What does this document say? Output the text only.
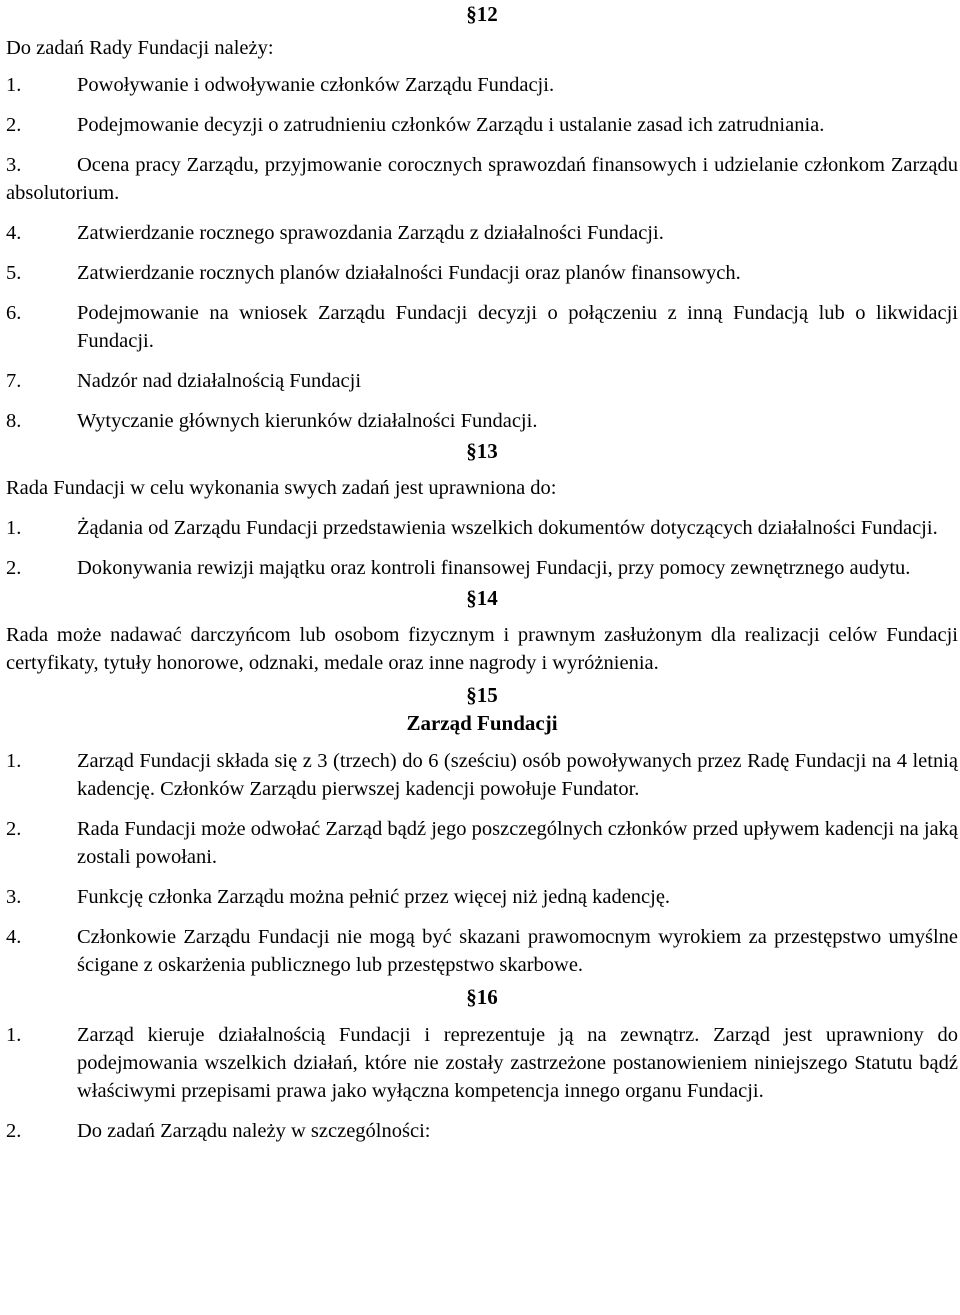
§12
Do zadań Rady Fundacji należy:
1.	Powoływanie i odwoływanie członków Zarządu Fundacji.
2.	Podejmowanie decyzji o zatrudnieniu członków Zarządu i ustalanie zasad ich zatrudniania.
3.	Ocena pracy Zarządu, przyjmowanie corocznych sprawozdań finansowych i udzielanie członkom Zarządu absolutorium.
4.	Zatwierdzanie rocznego sprawozdania Zarządu z działalności Fundacji.
5.	Zatwierdzanie rocznych planów działalności Fundacji oraz planów finansowych.
6.	Podejmowanie na wniosek Zarządu Fundacji decyzji o połączeniu z inną Fundacją lub o likwidacji Fundacji.
7.	Nadzór nad działalnością Fundacji
8.	Wytyczanie głównych kierunków działalności Fundacji.
§13
Rada Fundacji w celu wykonania swych zadań jest uprawniona do:
1.	Żądania od Zarządu Fundacji przedstawienia wszelkich dokumentów dotyczących działalności Fundacji.
2.	Dokonywania rewizji majątku oraz kontroli finansowej Fundacji, przy pomocy zewnętrznego audytu.
§14
Rada może nadawać darczyńcom lub osobom fizycznym i prawnym zasłużonym dla realizacji celów Fundacji certyfikaty, tytuły honorowe, odznaki, medale oraz inne nagrody i wyróżnienia.
§15
Zarząd Fundacji
1.	Zarząd Fundacji składa się z 3 (trzech) do 6 (sześciu) osób powoływanych przez Radę Fundacji na 4 letnią kadencję. Członków Zarządu pierwszej kadencji powołuje Fundator.
2.	Rada Fundacji może odwołać Zarząd bądź jego poszczególnych członków przed upływem kadencji na jaką zostali powołani.
3.	Funkcję członka Zarządu można pełnić przez więcej niż jedną kadencję.
4.	Członkowie Zarządu Fundacji nie mogą być skazani prawomocnym wyrokiem za przestępstwo umyślne ścigane z oskarżenia publicznego lub przestępstwo skarbowe.
§16
1.	Zarząd kieruje działalnością Fundacji i reprezentuje ją na zewnątrz. Zarząd jest uprawniony do podejmowania wszelkich działań, które nie zostały zastrzeżone postanowieniem niniejszego Statutu bądź właściwymi przepisami prawa jako wyłączna kompetencja innego organu Fundacji.
2.	Do zadań Zarządu należy w szczególności:
